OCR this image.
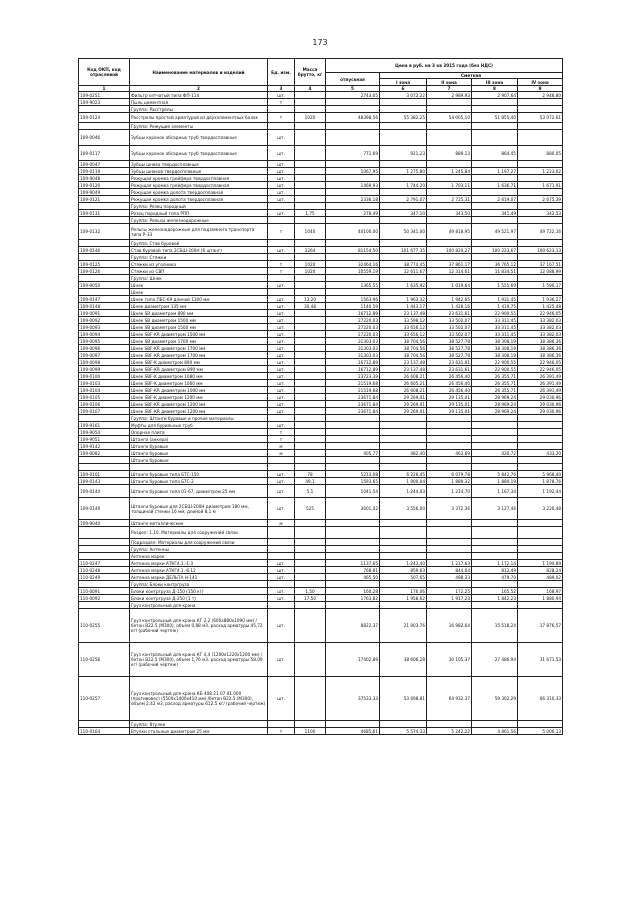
173
Код ОКП, код отраслевой	Наименование материалов и изделий	Ед. изм.	Масса брутто, кг	Цена в руб. на 3 кв 2015 года (без НДС)				
				отпускная	Сметная			
					I зона	II зона	III зона	IV зона
1	2	3	4	5	6	7	8	9
109-0251	Фильтр сетчатый типа ФП-114	шт.		2743,05	3 072,22	2 989,93	2 907,64	2 948,80
109-9023	Пыль цементная	т						
	Группа: Расстрелы							
109-0124	Расстрелы простой арматурой из двухэлементных балок	т	1020	48398,56	55 382,25	54 005,10	51 855,40	53 072,61
	Группа: Режущие элементы							
109-0046	Зубцы коронок обсадных труб твердосплавные	шт.						
109-0117	Зубцы коронок обсадных труб твердосплавные	шт.		771,69	921,23	889,13	864,45	880,05
109-0047	Зубцы шнека твердосплавные	шт.						
109-0119	Зубцы шнеков твердосплавные	шт.		1067,95	1 275,80	1 245,84	1 197,27	1 223,02
109-9048	Режущая кромка грейфера твердосплавная	шт.						
109-0120	Режущая кромка грейфера твердосплавная	шт.		1469,93	1 744,20	1 703,11	1 636,71	1 671,91
109-9049	Режущая кромка долота твердосплавная	шт.						
109-0121	Режущая кромка долота твердосплавная	шт.		2336,18	2 791,07	2 725,31	2 619,07	2 675,39
	Группа: Резец породный							
109-0131	Резец породный типа РПП	шт.	1,75	278,49	347,10	343,50	341,49	342,53
	Группа: Рельсы железнодорожные							
109-0132	Рельсы железнодорожные для подземного транспорта типа Р-33	т	1040	40100,00	50 341,00	49 818,95	49 521,97	49 722,16
	Группа: Став буровой							
109-0146	Став буровой типа 2СБШ-200Н (6 штанг)	шт.	3264	81154,50	101 677,35	100 820,27	100 223,67	100 623,13
	Группа: Стяжки							
109-0125	Стяжки из уголника	т	1020	32464,16	38 774,45	37 861,17	36 765,12	37 167,51
109-0126	Стяжки из СВП	т	1020	10559,19	12 611,67	12 314,61	11 834,51	12 088,99
	Группа: Шнек							
109-9050	Шнек	шт.		1365,55	1 635,92	1 019,64	1 555,69	1 590,17
	Шнек							
109-0147	Шнек типа ПБС-69 длиной 1300 мм	шт.	13,20	1563,96	1 963,32	1 942,65	1 931,45	1 936,27
109-0148	Шнек диаметром 135 мм	шт.	30,48	1140,59	1 443,17	1 428,16	1 419,75	1 425,48
109-0091	Шнек SB диаметром 890 мм	шт.		16712,89	23 137,48	23 631,61	22 900,55	22 946,05
109-0092	Шнек SB диаметром 1500 мм	шт.		27220,03	33 598,12	33 502,07	33 311,45	33 382,03
109-0093	Шнек SB диаметром 1500 мм	шт.		27220,03	33 656,12	33 502,07	33 311,45	33 382,03
109-0094	Шнек SBF-KR диаметром 1500 мм	шт.		27220,03	33 656,12	33 502,07	33 311,45	33 382,03
109-0095	Шнек SB диаметром 1700 мм	шт.		31303,03	38 704,56	38 527,78	38 308,19	38 386,36
109-0096	Шнек SBF-KR диаметром 1700 мм	шт.		31303,03	38 704,56	38 527,78	38 308,19	38 386,36
109-0097	Шнек SBF-KR диаметром 1700 мм	шт.		31303,03	38 704,56	38 527,78	38 308,19	38 386,36
109-0098	Шнек SBF-K диаметром 890 мм	шт.		16712,89	23 137,48	23 631,61	22 900,55	22 946,05
109-0099	Шнек SBF-KR диаметром 890 мм	шт.		16712,89	23 137,48	23 631,61	22 900,55	22 946,05
109-0100	Шнек SBF-K диаметром 1080 мм	шт.		23723,39	26 608,21	26 456,40	26 355,71	26 391,49
109-0103	Шнек SBF-K диаметром 1060 мм	шт.		21519,68	26 605,21	26 456,40	26 355,71	26 391,49
109-0104	Шнек SBF-KR диаметром 1000 мм	шт.		21519,68	26 608,21	26 456,40	26 355,71	26 391,49
109-0105	Шнек SBF-K диаметром 1200 мм	шт.		23671,84	29 269,01	29 135,01	28 969,24	29 030,96
109-0106	Шнек SBF-KR диаметром 1200 мм	шт.		23671,84	29 269,01	29 135,01	28 969,24	29 030,96
109-0107	Шнек SBF-KR диаметром 1200 мм	шт.		23671,84	29 269,01	29 135,01	28 969,24	29 030,96
	Группа: Штанги буровые и прочие материалы							
109-9161	Муфты для бурильных труб	шт.						
109-9054	Опорная плита	т						
109-9051	Штанги (анкера)	т						
109-9142	Штанги буровые	м						
109-0082	Штанги буровые	м		405,77	482,40	463,69	420,72	433,20
	Штанги буровые:							

109-0101	Штанги буровые типа БТС-150	шт.	78	5213,08	6 226,45	6 079,78	5 842,76	5 968,40
109-0143	Штанги буровые типа БТС-2	шт.	49,1	1593,65	1 900,04	1 889,32	1 880,19	1 878,76
109-0144	Штанги буровые типа 01-67, диаметром 25 мм	шт.	5,1	1041,54	1 244,03	1 214,70	1 167,34	1 192,44
109-0149	Штанги буровые для 2СБШ-200Н диаметром 180 мм, толщиной стенки 16 мм, длиной 8,1 м	шт.	525	3001,42	3 556,00	3 372,36	3 127,46	3 220,48
109-9040	Штанги металлические	м						
	Раздел: 1.10. Материалы для сооружений связи							
	Подраздел: Материалы для сооружений связи							
	Группа: Антенны							
	Антенна марок							
110-0247	Антенна марки АТКГ4.1.-1.3	шт.		1137,65	1 243,40	1 217,63	1 172,14	1 194,89
110-0248	Антенна марки АТКГ4.1.-6.12	шт.		768,81	859,63	844,64	812,49	828,24
110-0249	Антенна марки ДЕЛЬТА Н-141	шт.		465,50	507,65	498,33	479,70	489,02
	Группа: Блоки контргруза							
110-0091	Блоки контргруза Д-150 (150 кг)	шт.	1,50	160,28	176,06	172,25	165,52	168,97
110-0092	Блоки контргруза Д-250 (1 т)	шт.	17,50	1763,82	1 958,62	1 917,23	1 842,23	1 880,94
	Груз контрольный для крана							
110-0255	Груз контрольный для крана КГ 2,2 (600х880х1090 мм) /бетон В22.5 (М300), объем 0,88 м3, расход арматуры 45,72 кг/ (рабочий чертеж)	шт.		8822,37	21 903,76	16 982,64	15 518,24	17 876,57
110-0256	Груз контрольный для крана КГ 4,4 (1200х1220х1200 мм) /бетон В22.5 (М300), объем 1,76 м3, расход арматуры 58,09 кг/ (рабочий чертеж)	шт.		17402,89	38 606,28	30 105,37	27 486,94	31 671,53
110-0257	Груз контрольный для крана КБ 408.21 07 01 000 (противовес) (5500х1400х410 мм) /бетон В22.5 (М300), объем 2,42 м3, расход арматуры 612,5 кг/ (рабочий чертеж)	шт.		37533,33	53 698,81	64 932,37	59 302,29	66 310,33
	Группа: Втулки							
110-0164	Втулки стальные диаметром 25 мм	т	1100	4685,61	5 574,33	5 242,22	4 861,56	5 006,13
